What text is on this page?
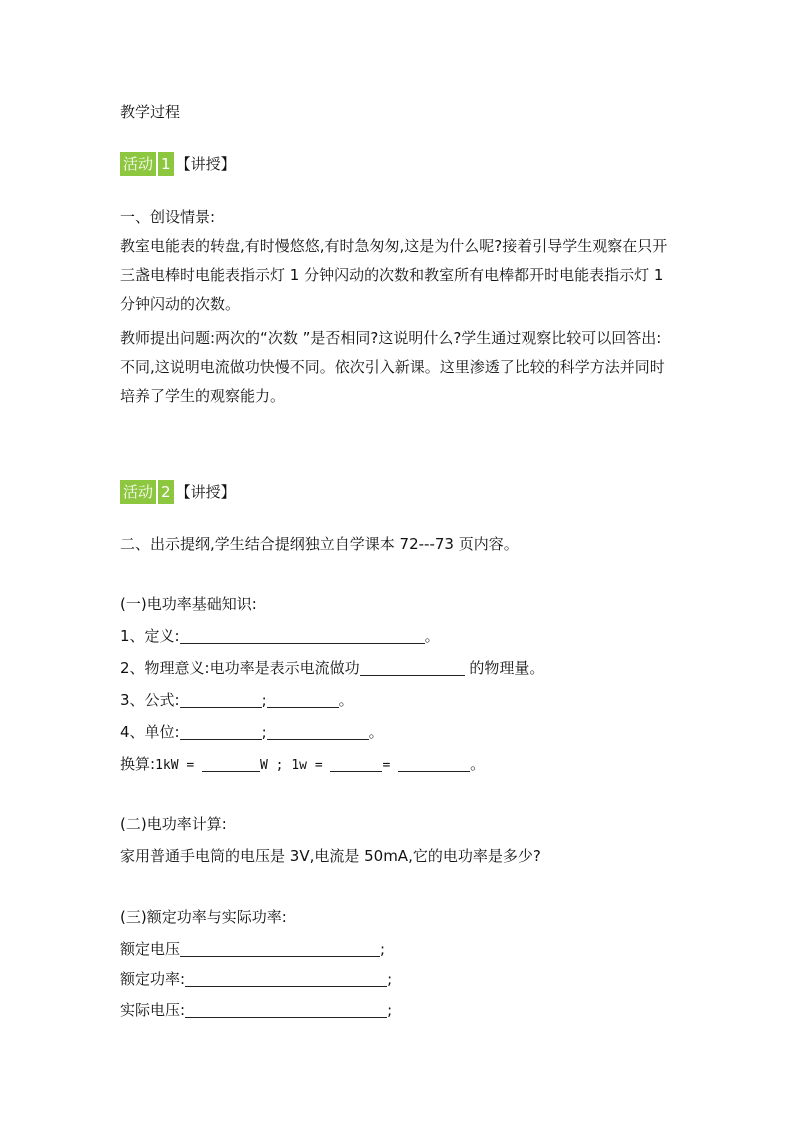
教学过程
活动 1 【讲授】
一、创设情景:
教室电能表的转盘,有时慢悠悠,有时急匆匆,这是为什么呢?接着引导学生观察在只开三盏电棒时电能表指示灯 1 分钟闪动的次数和教室所有电棒都开时电能表指示灯 1 分钟闪动的次数。
教师提出问题:两次的“次数 ”是否相同?这说明什么?学生通过观察比较可以回答出:不同,这说明电流做功快慢不同。依次引入新课。这里渗透了比较的科学方法并同时培养了学生的观察能力。
活动 2 【讲授】
二、出示提纲,学生结合提纲独立自学课本 72---73 页内容。
(一)电功率基础知识:
1、定义:	。
2、物理意义:电功率是表示电流做功	的物理量。
3、公式:	;	。
4、单位:	;	。
换算:1kW =	W ; 1w =	=	。
(二)电功率计算:
家用普通手电筒的电压是 3V,电流是 50mA,它的电功率是多少?
(三)额定功率与实际功率:
额定电压	;
额定功率:	;
实际电压:	;
